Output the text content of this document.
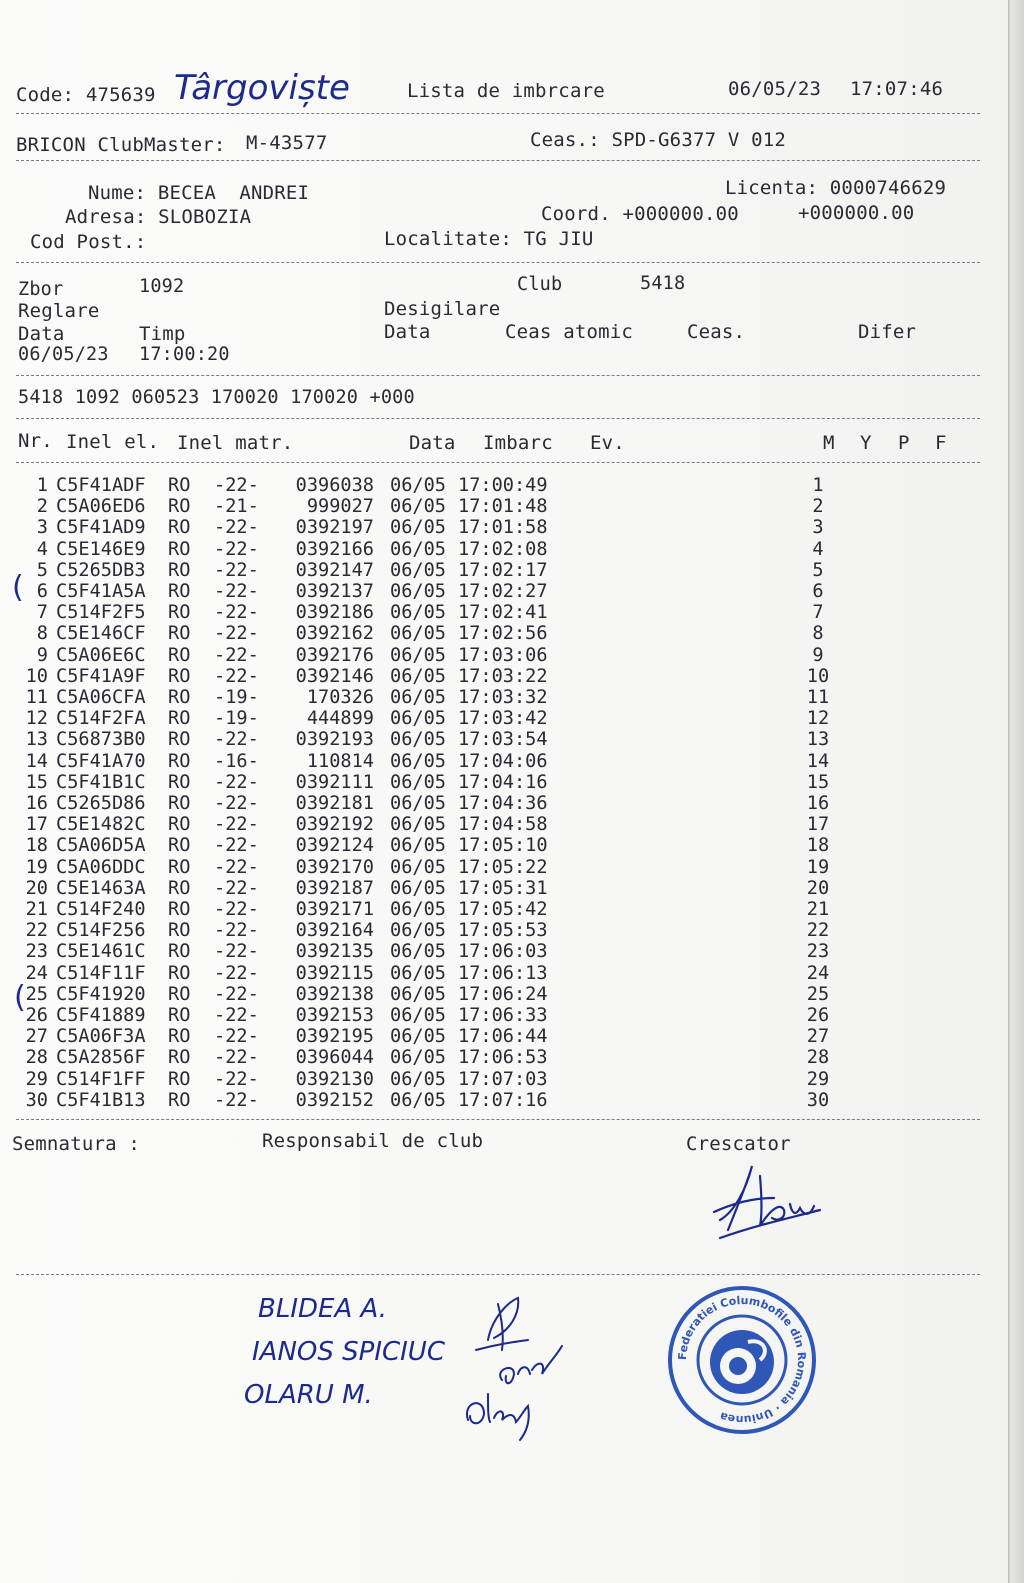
Code: 475639 Târgoviște	Lista de imbrcare	06/05/23 17:07:46
BRICON ClubMaster: M-43577	Ceas.: SPD-G6377 V 012
Nume: BECEA  ANDREI
Adresa: SLOBOZIA
Cod Post.:
Licenta: 0000746629
Coord. +000000.00	+000000.00
Localitate: TG JIU
Zbor	1092	Club	5418
Reglare	Desigilare
Data	Timp	Data	Ceas atomic	Ceas.	Difer
06/05/23 17:00:20
5418 1092 060523 170020 170020 +000
Nr. Inel el. Inel matr.	Data Imbarc Ev.	M Y P F
1	C5F41ADF	RO	-22-	0396038	06/05	17:00:49		1
2	C5A06ED6	RO	-21-	999027	06/05	17:01:48		2
3	C5F41AD9	RO	-22-	0392197	06/05	17:01:58		3
4	C5E146E9	RO	-22-	0392166	06/05	17:02:08		4
5	C5265DB3	RO	-22-	0392147	06/05	17:02:17		5
6	C5F41A5A	RO	-22-	0392137	06/05	17:02:27		6
7	C514F2F5	RO	-22-	0392186	06/05	17:02:41		7
8	C5E146CF	RO	-22-	0392162	06/05	17:02:56		8
9	C5A06E6C	RO	-22-	0392176	06/05	17:03:06		9
10	C5F41A9F	RO	-22-	0392146	06/05	17:03:22		10
11	C5A06CFA	RO	-19-	170326	06/05	17:03:32		11
12	C514F2FA	RO	-19-	444899	06/05	17:03:42		12
13	C56873B0	RO	-22-	0392193	06/05	17:03:54		13
14	C5F41A70	RO	-16-	110814	06/05	17:04:06		14
15	C5F41B1C	RO	-22-	0392111	06/05	17:04:16		15
16	C5265D86	RO	-22-	0392181	06/05	17:04:36		16
17	C5E1482C	RO	-22-	0392192	06/05	17:04:58		17
18	C5A06D5A	RO	-22-	0392124	06/05	17:05:10		18
19	C5A06DDC	RO	-22-	0392170	06/05	17:05:22		19
20	C5E1463A	RO	-22-	0392187	06/05	17:05:31		20
21	C514F240	RO	-22-	0392171	06/05	17:05:42		21
22	C514F256	RO	-22-	0392164	06/05	17:05:53		22
23	C5E1461C	RO	-22-	0392135	06/05	17:06:03		23
24	C514F11F	RO	-22-	0392115	06/05	17:06:13		24
25	C5F41920	RO	-22-	0392138	06/05	17:06:24		25
26	C5F41889	RO	-22-	0392153	06/05	17:06:33		26
27	C5A06F3A	RO	-22-	0392195	06/05	17:06:44		27
28	C5A2856F	RO	-22-	0396044	06/05	17:06:53		28
29	C514F1FF	RO	-22-	0392130	06/05	17:07:03		29
30	C5F41B13	RO	-22-	0392152	06/05	17:07:16		30
(
(
Semnatura :	Responsabil de club	Crescator
BLIDEA A.
IANOS SPICIUC
OLARU M.
Federatiei Columbofile din Romania · Uniunea
